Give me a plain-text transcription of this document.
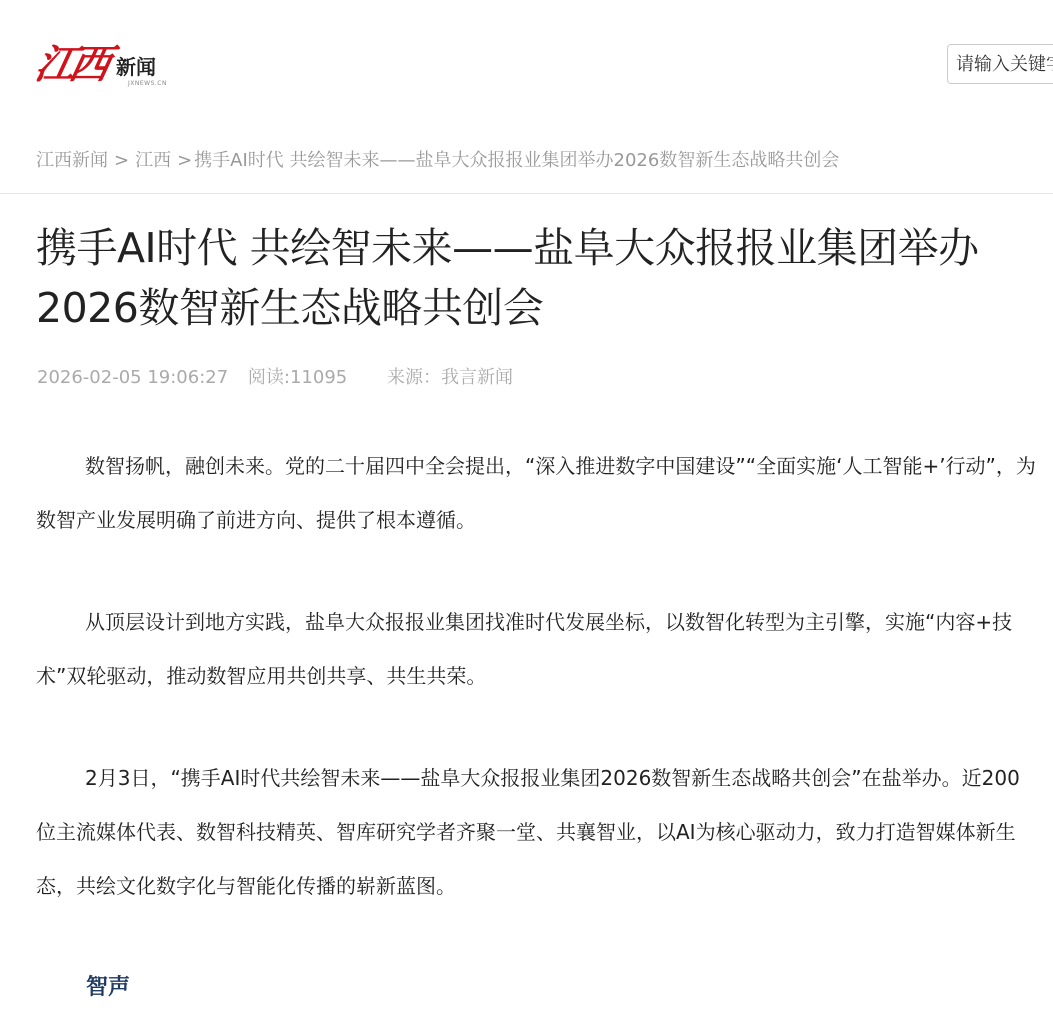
江西 新闻
JXNEWS.CN
请输入关键字
江西新闻 > 江西 > 携手AI时代 共绘智未来——盐阜大众报报业集团举办2026数智新生态战略共创会
携手AI时代 共绘智未来——盐阜大众报报业集团举办2026数智新生态战略共创会
2026-02-05 19:06:27 阅读:11095 来源：我言新闻

数智扬帆，融创未来。党的二十届四中全会提出，“深入推进数字中国建设”“全面实施‘人工智能+’行动”，为数智产业发展明确了前进方向、提供了根本遵循。

从顶层设计到地方实践，盐阜大众报报业集团找准时代发展坐标，以数智化转型为主引擎，实施“内容+技术”双轮驱动，推动数智应用共创共享、共生共荣。

2月3日，“携手AI时代共绘智未来——盐阜大众报报业集团2026数智新生态战略共创会”在盐举办。近200位主流媒体代表、数智科技精英、智库研究学者齐聚一堂、共襄智业，以AI为核心驱动力，致力打造智媒体新生态，共绘文化数字化与智能化传播的崭新蓝图。

智声
